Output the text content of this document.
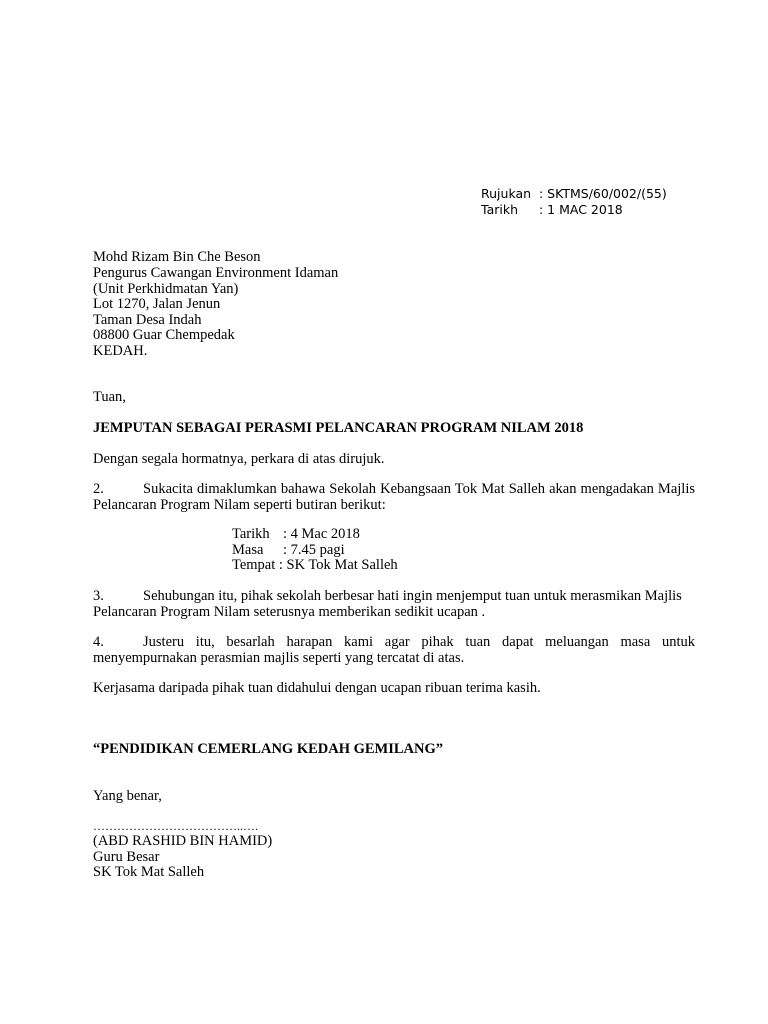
Rujukan : SKTMS/60/002/(55)
Tarikh : 1 MAC 2018
Mohd Rizam Bin Che Beson
Pengurus Cawangan Environment Idaman
(Unit Perkhidmatan Yan)
Lot 1270, Jalan Jenun
Taman Desa Indah
08800 Guar Chempedak
KEDAH.
Tuan,
JEMPUTAN SEBAGAI PERASMI PELANCARAN PROGRAM NILAM 2018
Dengan segala hormatnya, perkara di atas dirujuk.
2.	Sukacita dimaklumkan bahawa Sekolah Kebangsaan Tok Mat Salleh akan mengadakan Majlis
Pelancaran Program Nilam seperti butiran berikut:
Tarikh : 4 Mac 2018
Masa : 7.45 pagi
Tempat : SK Tok Mat Salleh
3.	Sehubungan itu, pihak sekolah berbesar hati ingin menjemput tuan untuk merasmikan Majlis
Pelancaran Program Nilam seterusnya memberikan sedikit ucapan .
4.	Justeru itu, besarlah harapan kami agar pihak tuan dapat meluangan masa untuk
menyempurnakan perasmian majlis seperti yang tercatat di atas.
Kerjasama daripada pihak tuan didahului dengan ucapan ribuan terima kasih.
“PENDIDIKAN CEMERLANG KEDAH GEMILANG”
Yang benar,
………………………………..….
(ABD RASHID BIN HAMID)
Guru Besar
SK Tok Mat Salleh
